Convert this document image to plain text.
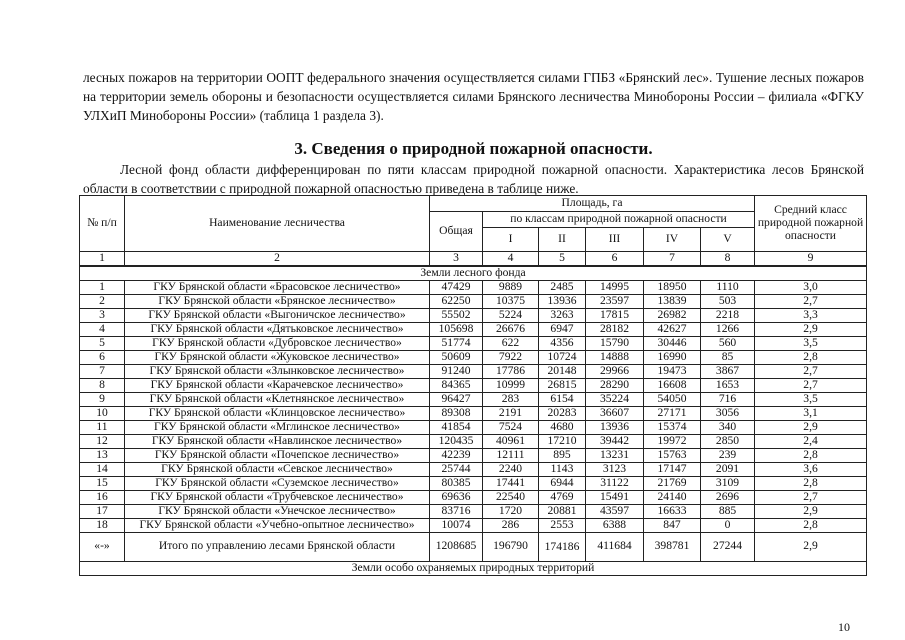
лесных пожаров на территории ООПТ федерального значения осуществляется силами ГПБЗ «Брянский лес». Тушение лесных пожаров на территории земель обороны и безопасности осуществляется силами Брянского лесничества Минобороны России – филиала «ФГКУ УЛХиП Минобороны России» (таблица 1 раздела 3).

3. Сведения о природной пожарной опасности.

Лесной фонд области дифференцирован по пяти классам природной пожарной опасности. Характеристика лесов Брянской области в соответствии с природной пожарной опасностью приведена в таблице ниже.

№ п/п	Наименование лесничества	Площадь, га						Средний класс природной пожарной опасности
		Общая	по классам природной пожарной опасности					
			I	II	III	IV	V	
1	2	3	4	5	6	7	8	9
Земли лесного фонда								
1	ГКУ Брянской области «Брасовское лесничество»	47429	9889	2485	14995	18950	1110	3,0
2	ГКУ Брянской области «Брянское лесничество»	62250	10375	13936	23597	13839	503	2,7
3	ГКУ Брянской области «Выгоничское лесничество»	55502	5224	3263	17815	26982	2218	3,3
4	ГКУ Брянской области «Дятьковское лесничество»	105698	26676	6947	28182	42627	1266	2,9
5	ГКУ Брянской области «Дубровское лесничество»	51774	622	4356	15790	30446	560	3,5
6	ГКУ Брянской области «Жуковское лесничество»	50609	7922	10724	14888	16990	85	2,8
7	ГКУ Брянской области «Злынковское лесничество»	91240	17786	20148	29966	19473	3867	2,7
8	ГКУ Брянской области «Карачевское лесничество»	84365	10999	26815	28290	16608	1653	2,7
9	ГКУ Брянской области «Клетнянское лесничество»	96427	283	6154	35224	54050	716	3,5
10	ГКУ Брянской области «Клинцовское лесничество»	89308	2191	20283	36607	27171	3056	3,1
11	ГКУ Брянской области «Мглинское лесничество»	41854	7524	4680	13936	15374	340	2,9
12	ГКУ Брянской области «Навлинское лесничество»	120435	40961	17210	39442	19972	2850	2,4
13	ГКУ Брянской области «Почепское лесничество»	42239	12111	895	13231	15763	239	2,8
14	ГКУ Брянской области «Севское лесничество»	25744	2240	1143	3123	17147	2091	3,6
15	ГКУ Брянской области «Суземское лесничество»	80385	17441	6944	31122	21769	3109	2,8
16	ГКУ Брянской области «Трубчевское лесничество»	69636	22540	4769	15491	24140	2696	2,7
17	ГКУ Брянской области «Унечское лесничество»	83716	1720	20881	43597	16633	885	2,9
18	ГКУ Брянской области «Учебно-опытное лесничество»	10074	286	2553	6388	847	0	2,8
«-»	Итого по управлению лесами Брянской области	1208685	196790	174186	411684	398781	27244	2,9
Земли особо охраняемых природных территорий								
10
